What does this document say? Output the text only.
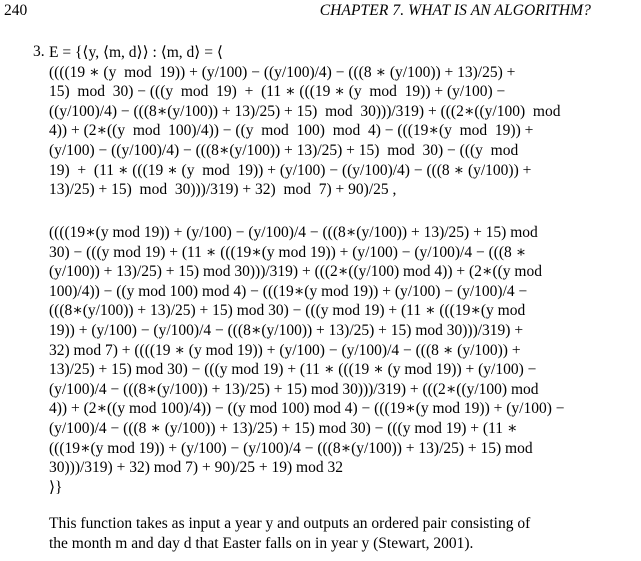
240	CHAPTER 7. WHAT IS AN ALGORITHM?
3. E = {⟨y, ⟨m, d⟩⟩ : ⟨m, d⟩ = ⟨
((((19 ∗ (y  mod  19)) + (y/100) − ((y/100)/4) − (((8 ∗ (y/100)) + 13)/25) +
15)  mod  30) − (((y  mod  19)  +  (11 ∗ (((19 ∗ (y  mod  19)) + (y/100) −
((y/100)/4) − (((8∗(y/100)) + 13)/25) + 15)  mod  30)))/319) + (((2∗((y/100)  mod
4)) + (2∗((y  mod  100)/4)) − ((y  mod  100)  mod  4) − (((19∗(y  mod  19)) +
(y/100) − ((y/100)/4) − (((8∗(y/100)) + 13)/25) + 15)  mod  30) − (((y  mod
19)  +  (11 ∗ (((19 ∗ (y  mod  19)) + (y/100) − ((y/100)/4) − (((8 ∗ (y/100)) +
13)/25) + 15)  mod  30)))/319) + 32)  mod  7) + 90)/25 ,
((((19∗(y mod 19)) + (y/100) − (y/100)/4 − (((8∗(y/100)) + 13)/25) + 15) mod
30) − (((y mod 19) + (11 ∗ (((19∗(y mod 19)) + (y/100) − (y/100)/4 − (((8 ∗
(y/100)) + 13)/25) + 15) mod 30)))/319) + (((2∗((y/100) mod 4)) + (2∗((y mod
100)/4)) − ((y mod 100) mod 4) − (((19∗(y mod 19)) + (y/100) − (y/100)/4 −
(((8∗(y/100)) + 13)/25) + 15) mod 30) − (((y mod 19) + (11 ∗ (((19∗(y mod
19)) + (y/100) − (y/100)/4 − (((8∗(y/100)) + 13)/25) + 15) mod 30)))/319) +
32) mod 7) + ((((19 ∗ (y mod 19)) + (y/100) − (y/100)/4 − (((8 ∗ (y/100)) +
13)/25) + 15) mod 30) − (((y mod 19) + (11 ∗ (((19 ∗ (y mod 19)) + (y/100) −
(y/100)/4 − (((8∗(y/100)) + 13)/25) + 15) mod 30)))/319) + (((2∗((y/100) mod
4)) + (2∗((y mod 100)/4)) − ((y mod 100) mod 4) − (((19∗(y mod 19)) + (y/100) −
(y/100)/4 − (((8 ∗ (y/100)) + 13)/25) + 15) mod 30) − (((y mod 19) + (11 ∗
(((19∗(y mod 19)) + (y/100) − (y/100)/4 − (((8∗(y/100)) + 13)/25) + 15) mod
30)))/319) + 32) mod 7) + 90)/25 + 19) mod 32
⟩}
This function takes as input a year y and outputs an ordered pair consisting of
the month m and day d that Easter falls on in year y (Stewart, 2001).
